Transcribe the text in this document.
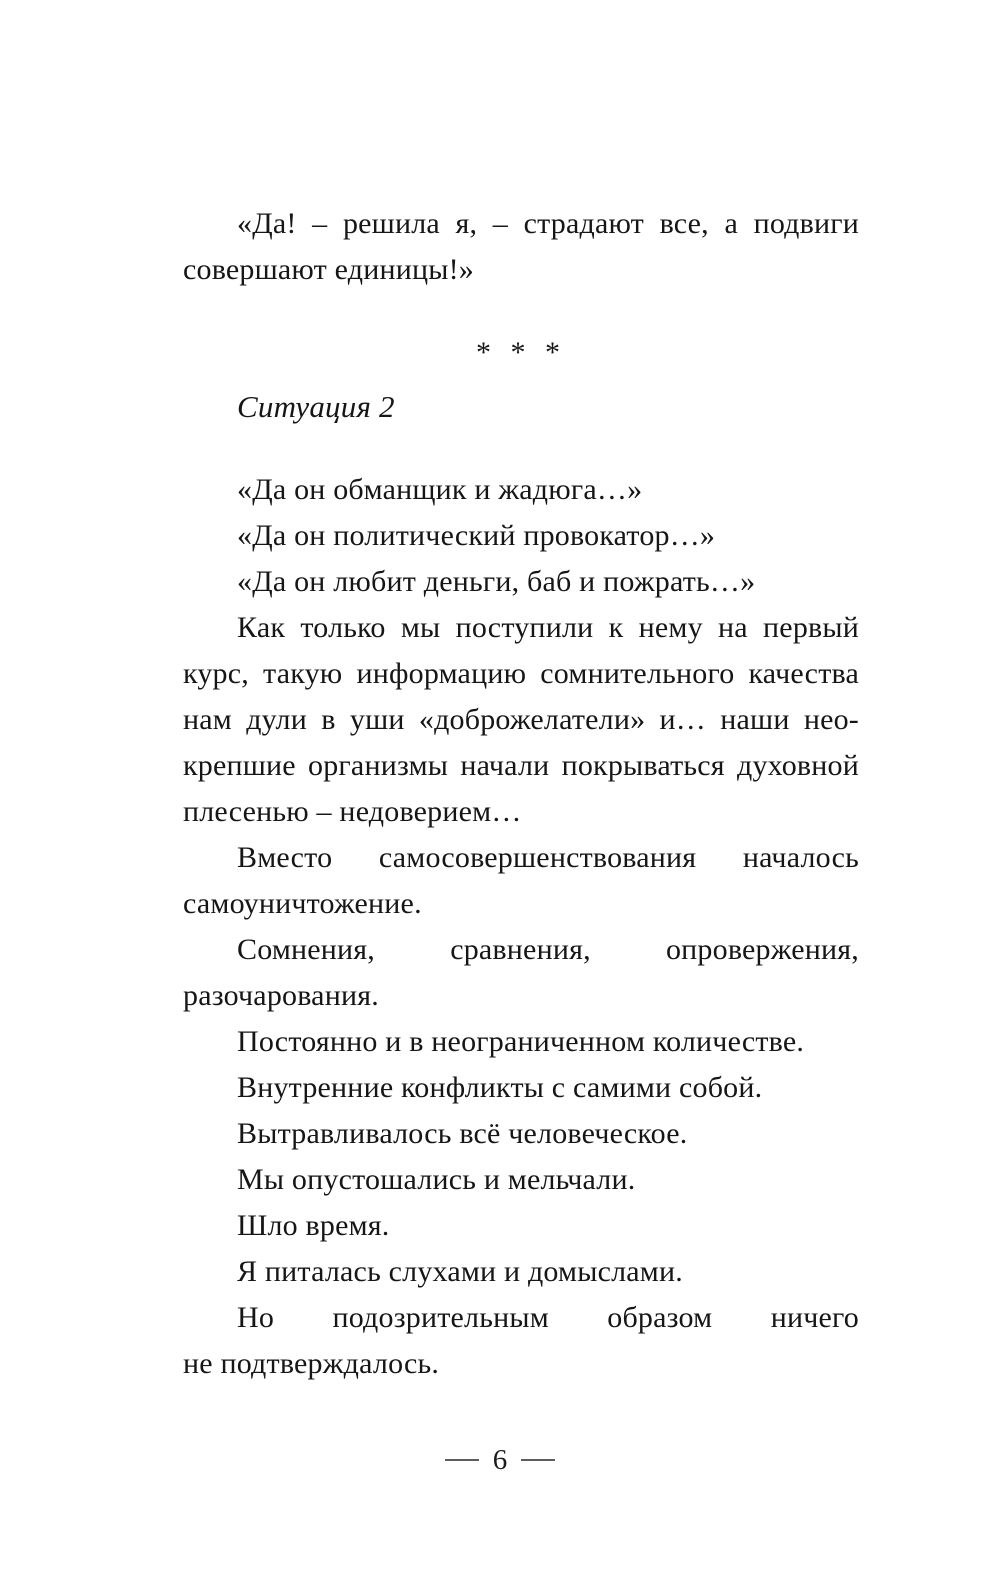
«Да! – решила я, – страдают все, а подвиги
совершают единицы!»
* * *
Ситуация 2
«Да он обманщик и жадюга…»
«Да он политический провокатор…»
«Да он любит деньги, баб и пожрать…»
Как только мы поступили к нему на первый
курс, такую информацию сомнительного качества
нам дули в уши «доброжелатели» и… наши нео-
крепшие организмы начали покрываться духовной
плесенью – недоверием…
Вместо самосовершенствования началось
самоуничтожение.
Сомнения, сравнения, опровержения,
разочарования.
Постоянно и в неограниченном количестве.
Внутренние конфликты с самими собой.
Вытравливалось всё человеческое.
Мы опустошались и мельчали.
Шло время.
Я питалась слухами и домыслами.
Но подозрительным образом ничего
не подтверждалось.
6
